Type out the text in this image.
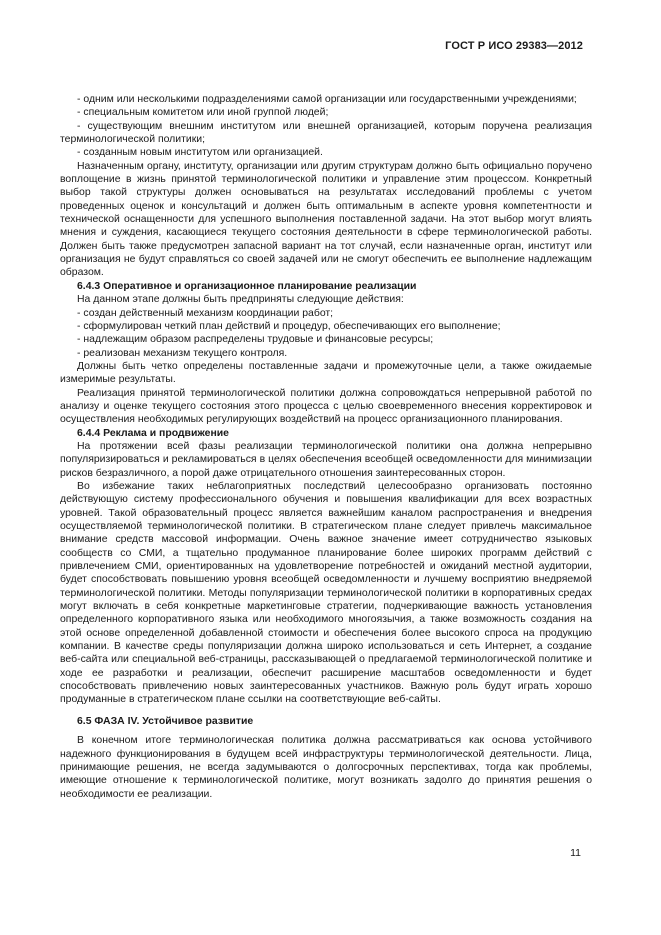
ГОСТ Р ИСО 29383—2012

- одним или несколькими подразделениями самой организации или государственными учреждениями;

- специальным комитетом или иной группой людей;

- существующим внешним институтом или внешней организацией, которым поручена реализация терминологической политики;

- созданным новым институтом или организацией.

Назначенным органу, институту, организации или другим структурам должно быть официально поручено воплощение в жизнь принятой терминологической политики и управление этим процессом. Конкретный выбор такой структуры должен основываться на результатах исследований проблемы с учетом проведенных оценок и консультаций и должен быть оптимальным в аспекте уровня компетентности и технической оснащенности для успешного выполнения поставленной задачи. На этот выбор могут влиять мнения и суждения, касающиеся текущего состояния деятельности в сфере терминологической работы. Должен быть также предусмотрен запасной вариант на тот случай, если назначенные орган, институт или организация не будут справляться со своей задачей или не смогут обеспечить ее выполнение надлежащим образом.

6.4.3 Оперативное и организационное планирование реализации

На данном этапе должны быть предприняты следующие действия:

- создан действенный механизм координации работ;

- сформулирован четкий план действий и процедур, обеспечивающих его выполнение;

- надлежащим образом распределены трудовые и финансовые ресурсы;

- реализован механизм текущего контроля.

Должны быть четко определены поставленные задачи и промежуточные цели, а также ожидаемые измеримые результаты.

Реализация принятой терминологической политики должна сопровождаться непрерывной работой по анализу и оценке текущего состояния этого процесса с целью своевременного внесения корректировок и осуществления необходимых регулирующих воздействий на процесс организационного планирования.

6.4.4 Реклама и продвижение

На протяжении всей фазы реализации терминологической политики она должна непрерывно популяризироваться и рекламироваться в целях обеспечения всеобщей осведомленности для минимизации рисков безразличного, а порой даже отрицательного отношения заинтересованных сторон.

Во избежание таких неблагоприятных последствий целесообразно организовать постоянно действующую систему профессионального обучения и повышения квалификации для всех возрастных уровней. Такой образовательный процесс является важнейшим каналом распространения и внедрения осуществляемой терминологической политики. В стратегическом плане следует привлечь максимальное внимание средств массовой информации. Очень важное значение имеет сотрудничество языковых сообществ со СМИ, а тщательно продуманное планирование более широких программ действий с привлечением СМИ, ориентированных на удовлетворение потребностей и ожиданий местной аудитории, будет способствовать повышению уровня всеобщей осведомленности и лучшему восприятию внедряемой терминологической политики. Методы популяризации терминологической политики в корпоративных средах могут включать в себя конкретные маркетинговые стратегии, подчеркивающие важность установления определенного корпоративного языка или необходимого многоязычия, а также возможность создания на этой основе определенной добавленной стоимости и обеспечения более высокого спроса на продукцию компании. В качестве среды популяризации должна широко использоваться и сеть Интернет, а создание веб-сайта или специальной веб-страницы, рассказывающей о предлагаемой терминологической политике и ходе ее разработки и реализации, обеспечит расширение масштабов осведомленности и будет способствовать привлечению новых заинтересованных участников. Важную роль будут играть хорошо продуманные в стратегическом плане ссылки на соответствующие веб-сайты.

6.5 ФАЗА IV. Устойчивое развитие

В конечном итоге терминологическая политика должна рассматриваться как основа устойчивого надежного функционирования в будущем всей инфраструктуры терминологической деятельности. Лица, принимающие решения, не всегда задумываются о долгосрочных перспективах, тогда как проблемы, имеющие отношение к терминологической политике, могут возникать задолго до принятия решения о необходимости ее реализации.

11
